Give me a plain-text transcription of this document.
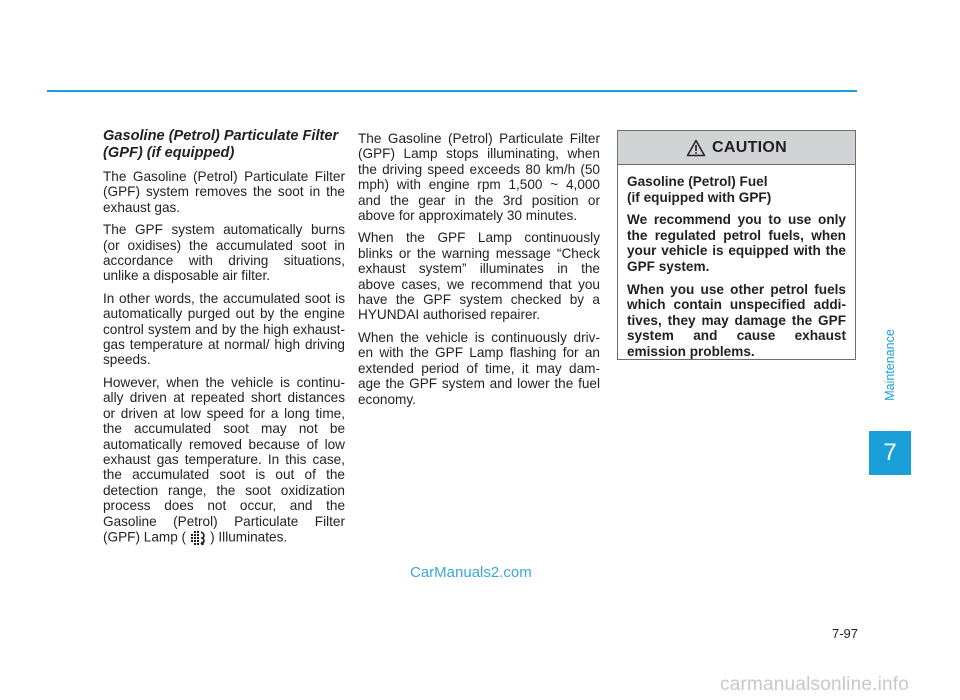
Gasoline (Petrol) Particulate Filter (GPF) (if equipped)

The Gasoline (Petrol) Particulate Filter (GPF) system removes the soot in the exhaust gas.

The GPF system automatically burns (or oxidises) the accumulated soot in accordance with driving situations, unlike a disposable air filter.

In other words, the accumulated soot is automatically purged out by the engine control system and by the high exhaust-gas temperature at normal/ high driving speeds.

However, when the vehicle is continu-ally driven at repeated short distances or driven at low speed for a long time, the accumulated soot may not be automatically removed because of low exhaust gas temperature. In this case, the accumulated soot is out of the detection range, the soot oxidization process does not occur, and the Gasoline (Petrol) Particulate Filter (GPF) Lamp ( ) Illuminates.

The Gasoline (Petrol) Particulate Filter (GPF) Lamp stops illuminating, when the driving speed exceeds 80 km/h (50 mph) with engine rpm 1,500 ~ 4,000 and the gear in the 3rd position or above for approximately 30 minutes.

When the GPF Lamp continuously blinks or the warning message “Check exhaust system” illuminates in the above cases, we recommend that you have the GPF system checked by a HYUNDAI authorised repairer.

When the vehicle is continuously driv-en with the GPF Lamp flashing for an extended period of time, it may dam-age the GPF system and lower the fuel economy.

CAUTION

Gasoline (Petrol) Fuel
(if equipped with GPF)

We recommend you to use only the regulated petrol fuels, when your vehicle is equipped with the GPF system.

When you use other petrol fuels which contain unspecified addi-tives, they may damage the GPF system and cause exhaust emission problems.	Maintenance
7
CarManuals2.com
7-97
carmanualsonline.info
